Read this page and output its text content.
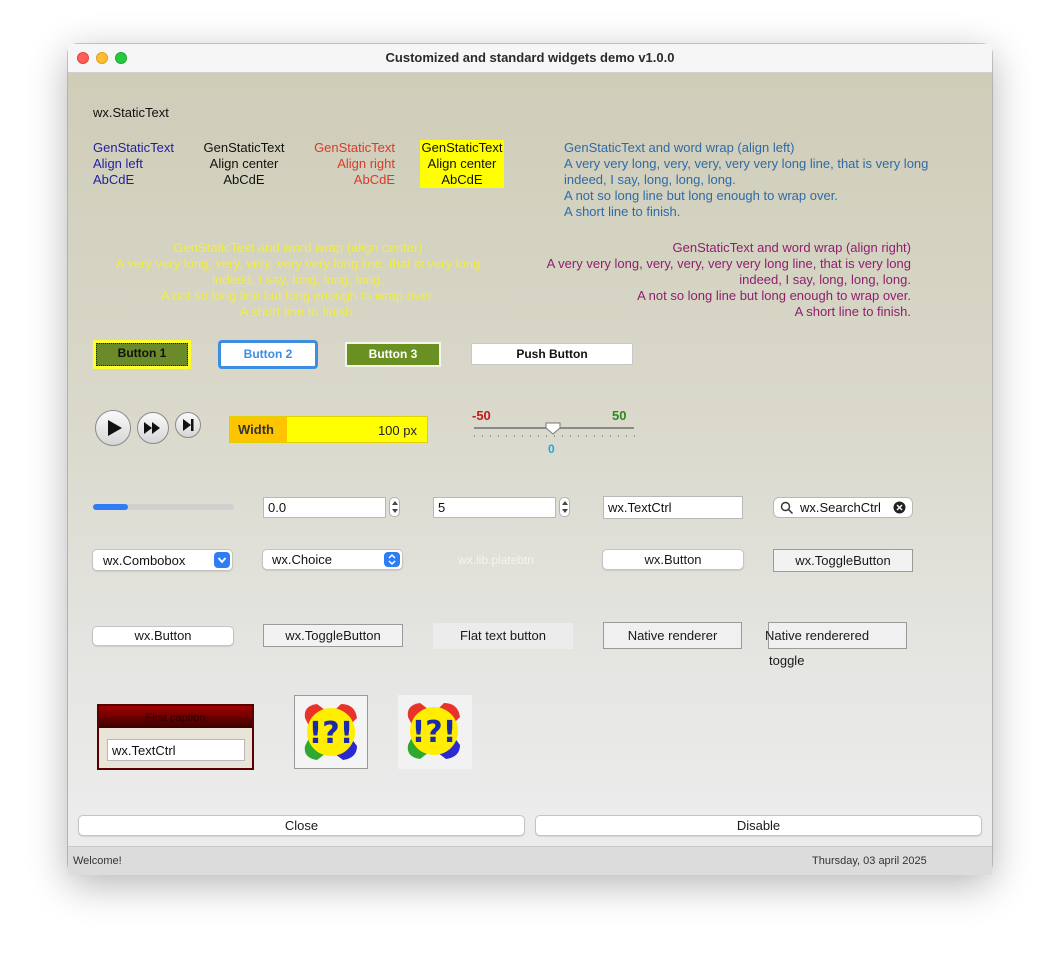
Customized and standard widgets demo v1.0.0
wx.StaticText
GenStaticText
Align left
AbCdE
GenStaticText
Align center
AbCdE
GenStaticText
Align right
AbCdE
GenStaticText
Align center
AbCdE
GenStaticText and word wrap (align left)
A very very long, very, very, very very long line, that is very long
indeed, I say, long, long, long.
A not so long line but long enough to wrap over.
A short line to finish.
GenStaticText and word wrap (align center)
A very very long, very, very, very very long line, that is very long
indeed, I say, long, long, long.
A not so long line but long enough to wrap over.
A short line to finish.
GenStaticText and word wrap (align right)
A very very long, very, very, very very long line, that is very long
indeed, I say, long, long, long.
A not so long line but long enough to wrap over.
A short line to finish.
Button 1	Button 2	Button 3	Push Button
Width	100 px
-50	50
0
0.0	5	wx.TextCtrl	wx.SearchCtrl
wx.Combobox	wx.Choice	wx.lib.platebtn	wx.Button	wx.ToggleButton
wx.Button	wx.ToggleButton	Flat text button	Native renderer	Native renderered toggle
First caption
wx.TextCtrl	!?! !?!
Close	Disable
Welcome!	Thursday, 03 april 2025
